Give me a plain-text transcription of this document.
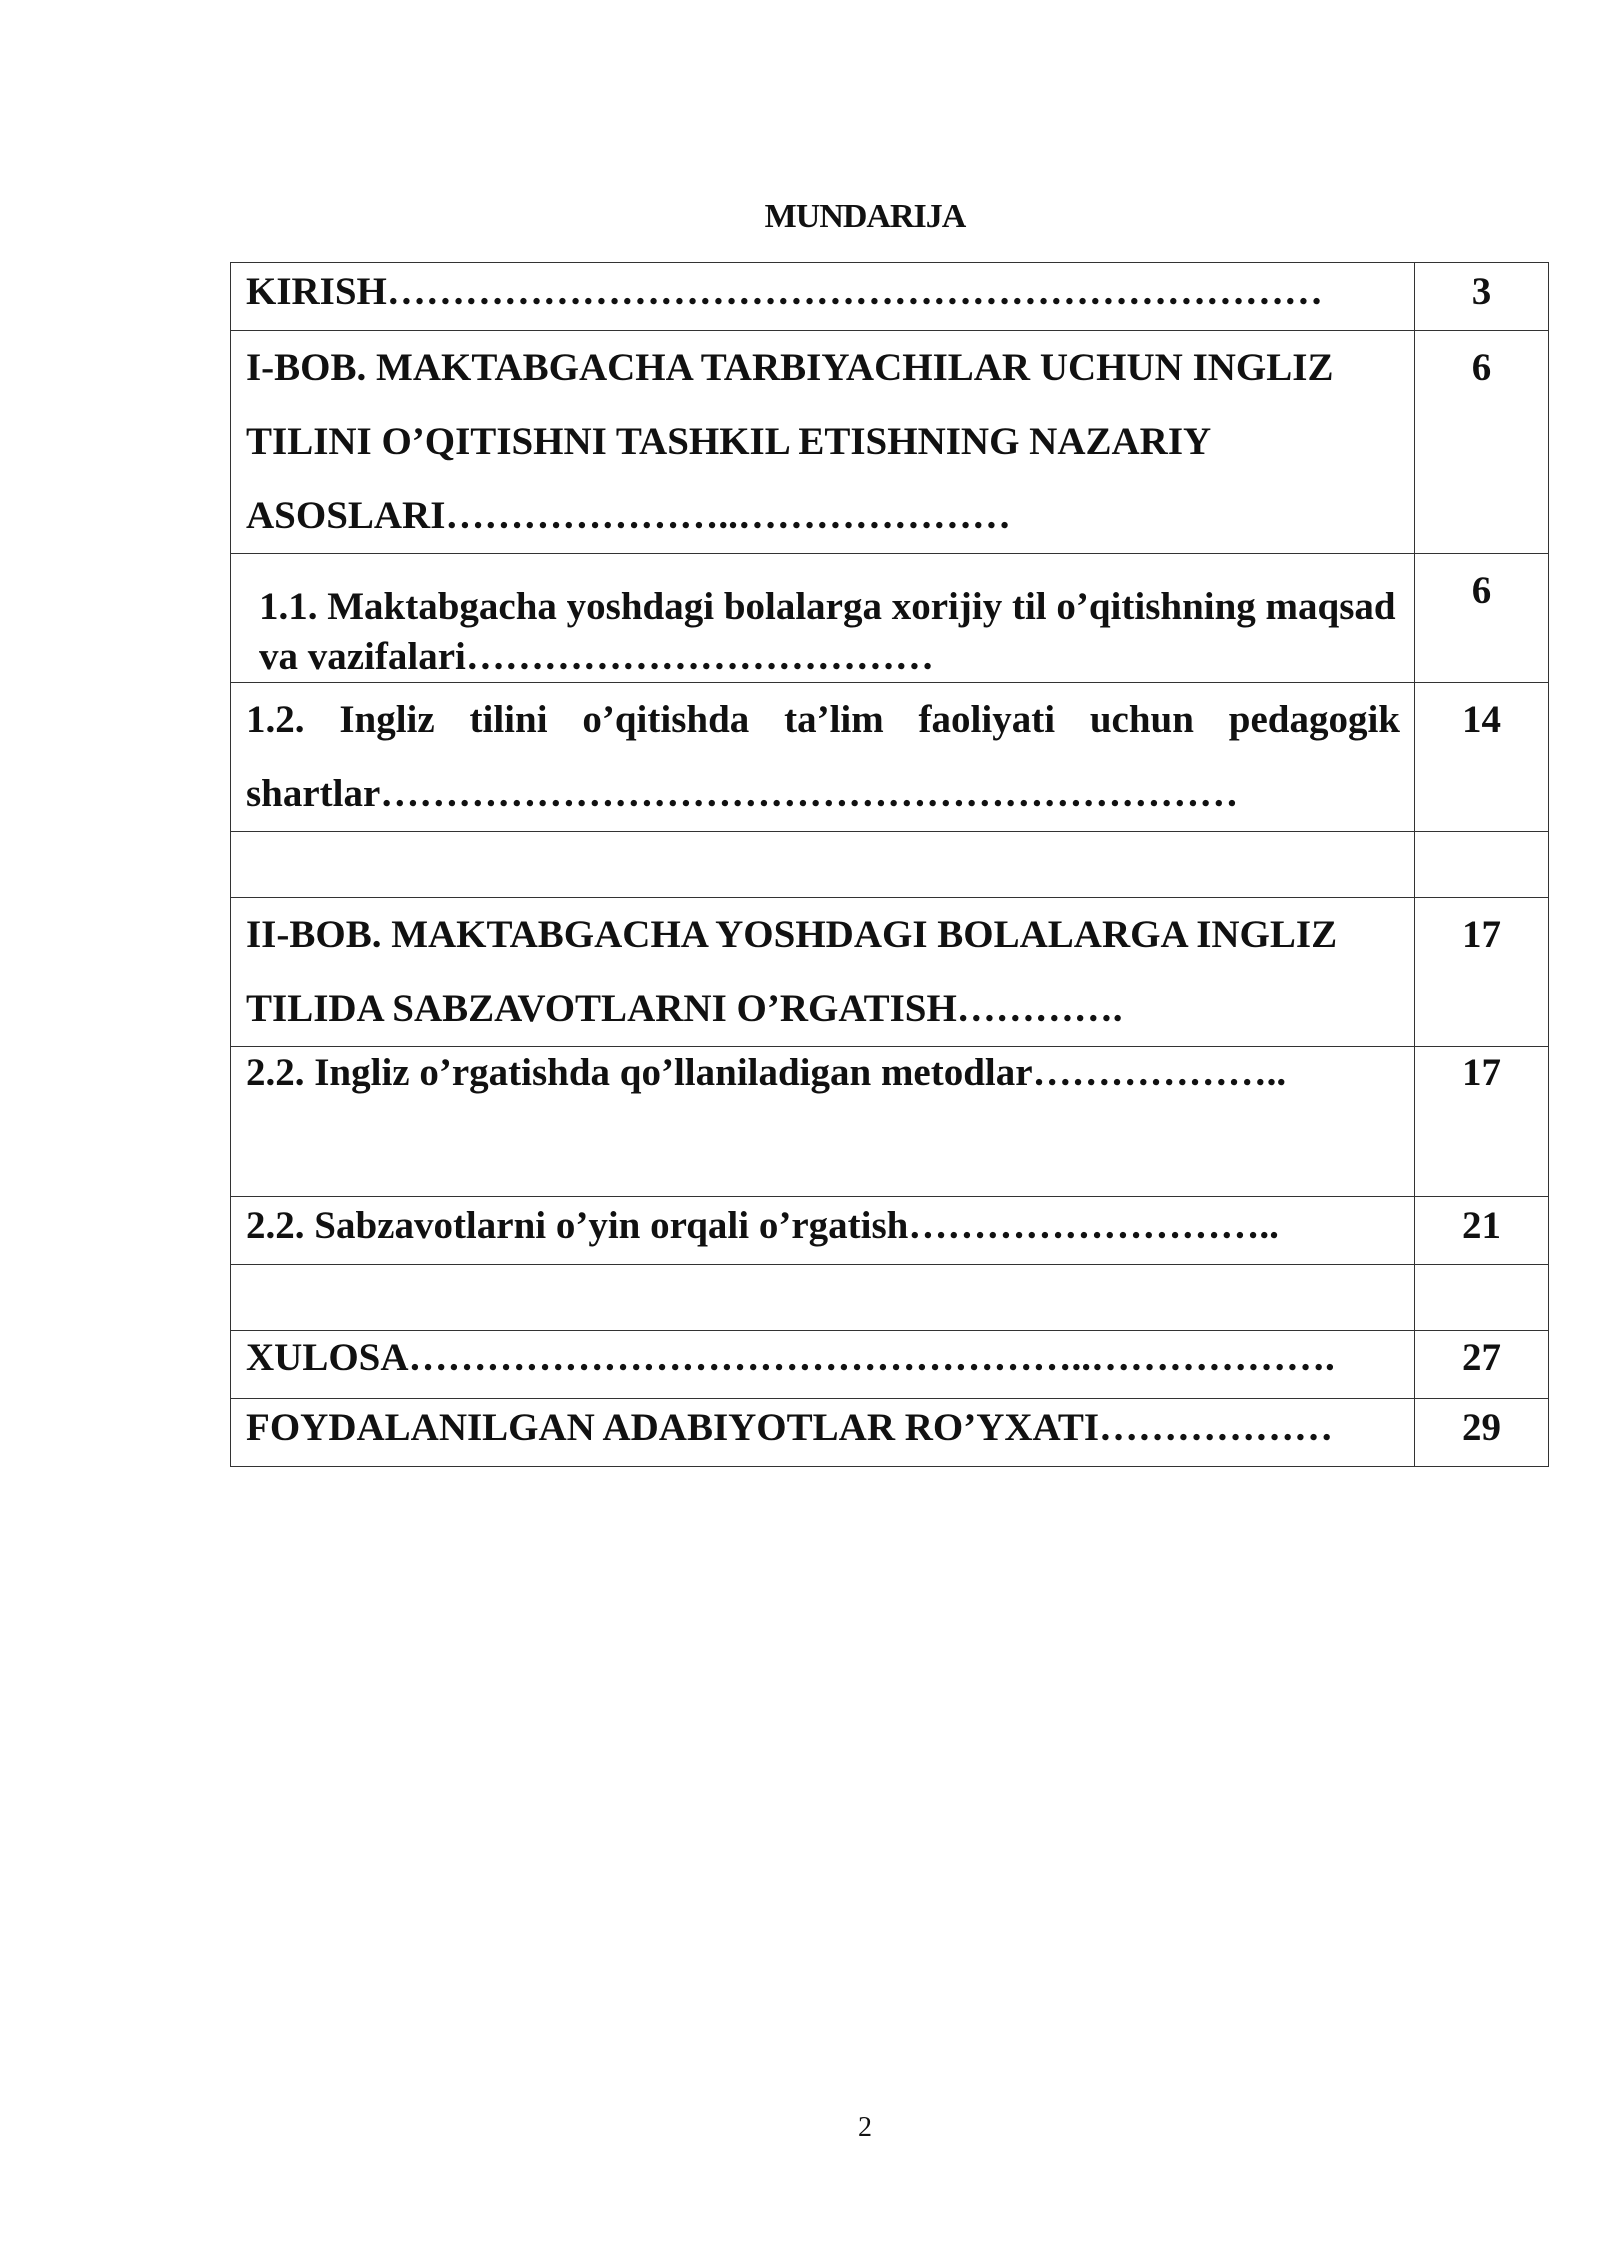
MUNDARIJA
KIRISH………………………………………………………………	3

I-BOB. MAKTABGACHA TARBIYACHILAR UCHUN INGLIZ TILINI O’QITISHNI TASHKIL ETISHNING NAZARIY ASOSLARI…………………..…………………	6

1.1. Maktabgacha yoshdagi bolalarga xorijiy til o’qitishning maqsad va vazifalari………………………………	6

1.2. Ingliz tilini o’qitishda ta’lim faoliyati uchun pedagogik shartlar…………………………………………………………	14

II-BOB. MAKTABGACHA YOSHDAGI BOLALARGA INGLIZ TILIDA SABZAVOTLARNI O’RGATISH………….	17

2.2. Ingliz o’rgatishda qo’llaniladigan metodlar………………..	17

2.2. Sabzavotlarni o’yin orqali o’rgatish………………………..	21

XULOSA……………………………………………..……………….	27

FOYDALANILGAN ADABIYOTLAR RO’YXATI………………	29
2
